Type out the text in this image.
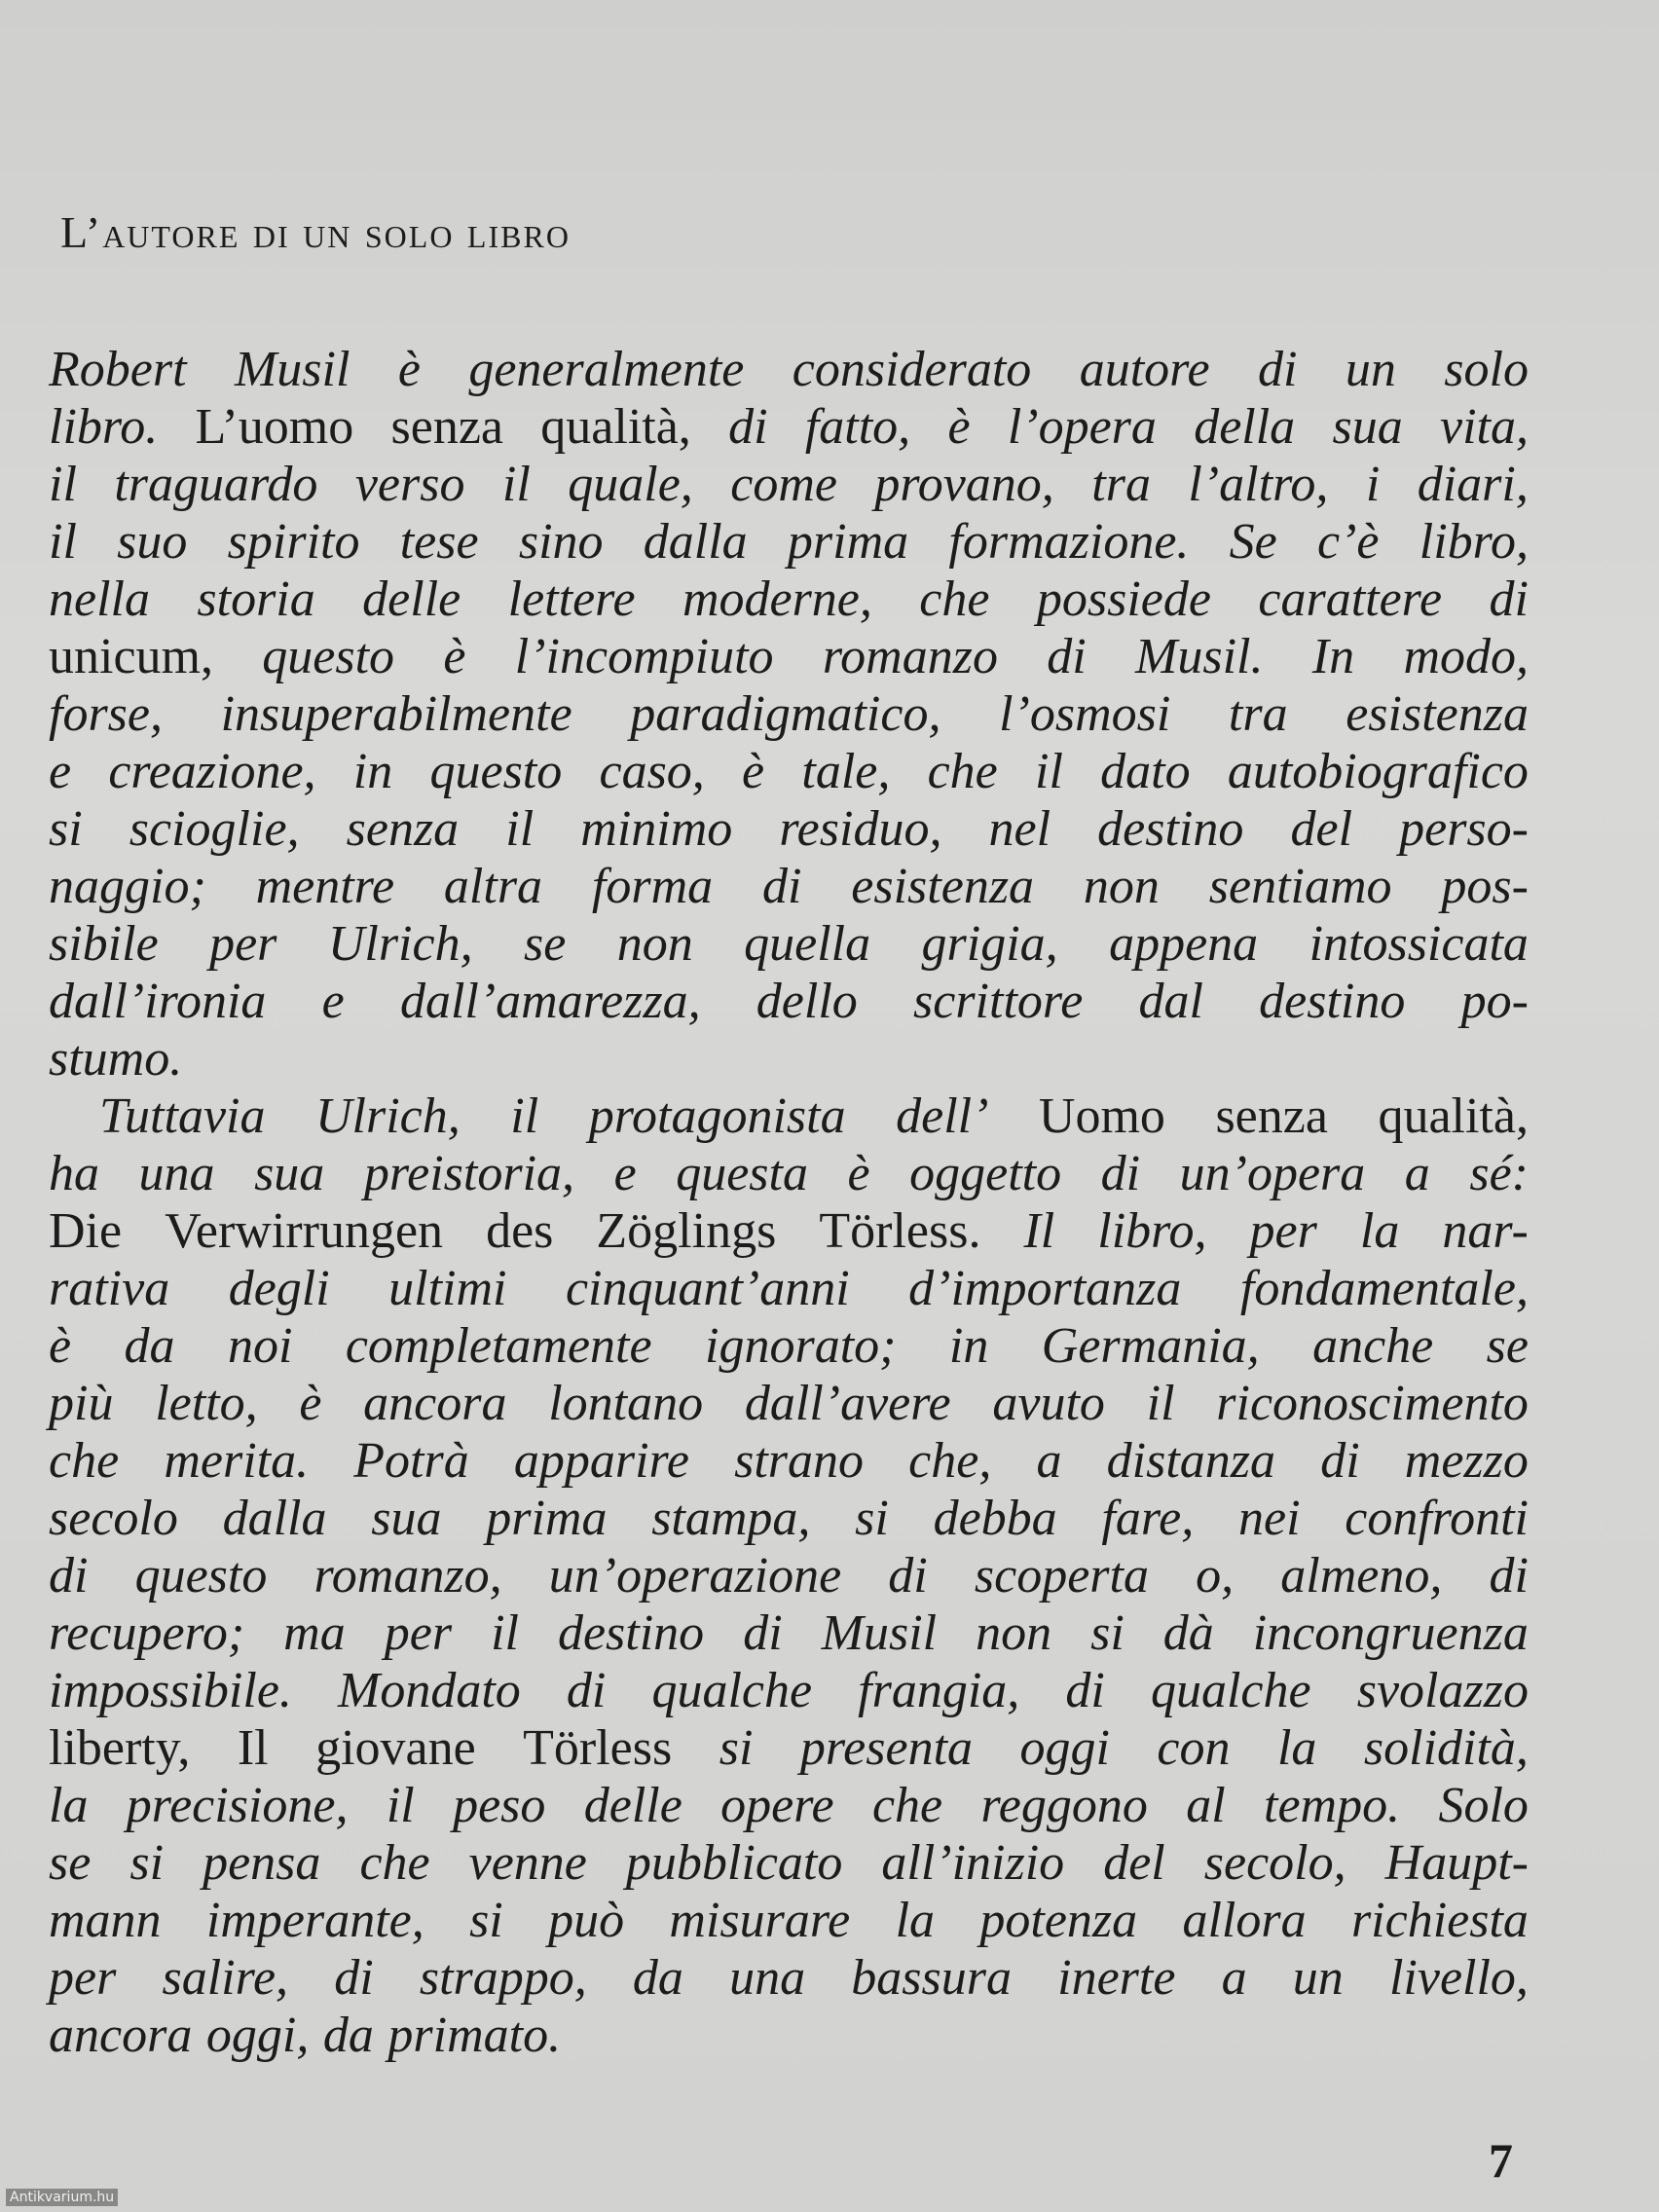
L’autore di un solo libro
Robert Musil è generalmente considerato autore di un solo
libro. L’uomo senza qualità, di fatto, è l’opera della sua vita,
il traguardo verso il quale, come provano, tra l’altro, i diari,
il suo spirito tese sino dalla prima formazione. Se c’è libro,
nella storia delle lettere moderne, che possiede carattere di
unicum, questo è l’incompiuto romanzo di Musil. In modo,
forse, insuperabilmente paradigmatico, l’osmosi tra esistenza
e creazione, in questo caso, è tale, che il dato autobiografico
si scioglie, senza il minimo residuo, nel destino del perso-
naggio; mentre altra forma di esistenza non sentiamo pos-
sibile per Ulrich, se non quella grigia, appena intossicata
dall’ironia e dall’amarezza, dello scrittore dal destino po-
stumo.
Tuttavia Ulrich, il protagonista dell’ Uomo senza qualità,
ha una sua preistoria, e questa è oggetto di un’opera a sé:
Die Verwirrungen des Zöglings Törless. Il libro, per la nar-
rativa degli ultimi cinquant’anni d’importanza fondamentale,
è da noi completamente ignorato; in Germania, anche se
più letto, è ancora lontano dall’avere avuto il riconoscimento
che merita. Potrà apparire strano che, a distanza di mezzo
secolo dalla sua prima stampa, si debba fare, nei confronti
di questo romanzo, un’operazione di scoperta o, almeno, di
recupero; ma per il destino di Musil non si dà incongruenza
impossibile. Mondato di qualche frangia, di qualche svolazzo
liberty, Il giovane Törless si presenta oggi con la solidità,
la precisione, il peso delle opere che reggono al tempo. Solo
se si pensa che venne pubblicato all’inizio del secolo, Haupt-
mann imperante, si può misurare la potenza allora richiesta
per salire, di strappo, da una bassura inerte a un livello,
ancora oggi, da primato.
7
Antikvarium.hu
